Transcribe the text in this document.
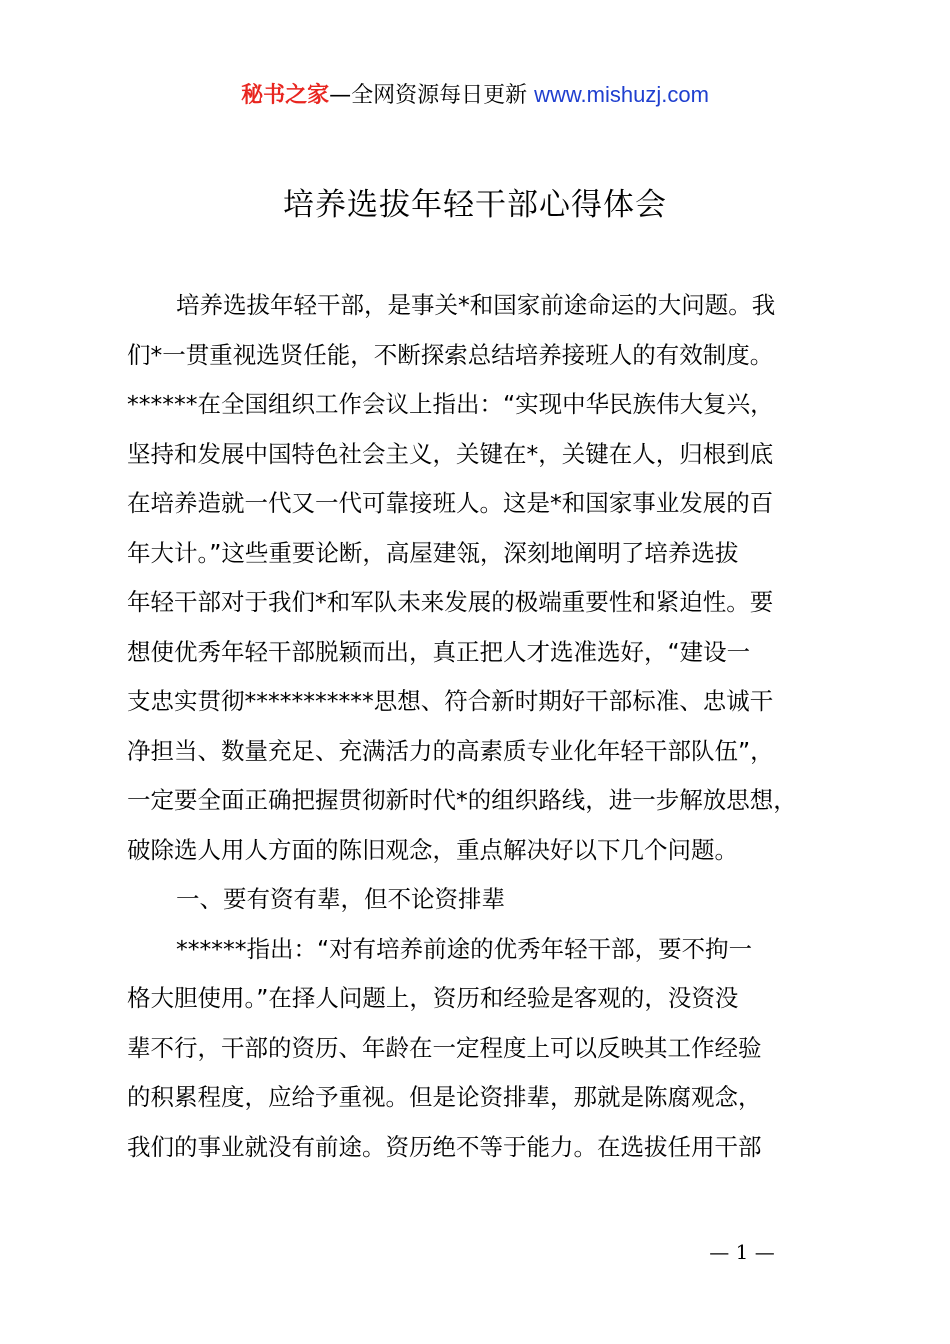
秘书之家—全网资源每日更新 www.mishuzj.com
培养选拔年轻干部心得体会
培养选拔年轻干部，是事关*和国家前途命运的大问题。我
们*一贯重视选贤任能，不断探索总结培养接班人的有效制度。
******在全国组织工作会议上指出：“实现中华民族伟大复兴，
坚持和发展中国特色社会主义，关键在*，关键在人，归根到底
在培养造就一代又一代可靠接班人。这是*和国家事业发展的百
年大计。”这些重要论断，高屋建瓴，深刻地阐明了培养选拔
年轻干部对于我们*和军队未来发展的极端重要性和紧迫性。要
想使优秀年轻干部脱颖而出，真正把人才选准选好，“建设一
支忠实贯彻***********思想、符合新时期好干部标准、忠诚干
净担当、数量充足、充满活力的高素质专业化年轻干部队伍”，
一定要全面正确把握贯彻新时代*的组织路线，进一步解放思想，
破除选人用人方面的陈旧观念，重点解决好以下几个问题。
一、要有资有辈，但不论资排辈
******指出：“对有培养前途的优秀年轻干部，要不拘一
格大胆使用。”在择人问题上，资历和经验是客观的，没资没
辈不行，干部的资历、年龄在一定程度上可以反映其工作经验
的积累程度，应给予重视。但是论资排辈，那就是陈腐观念，
我们的事业就没有前途。资历绝不等于能力。在选拔任用干部
— 1 —
